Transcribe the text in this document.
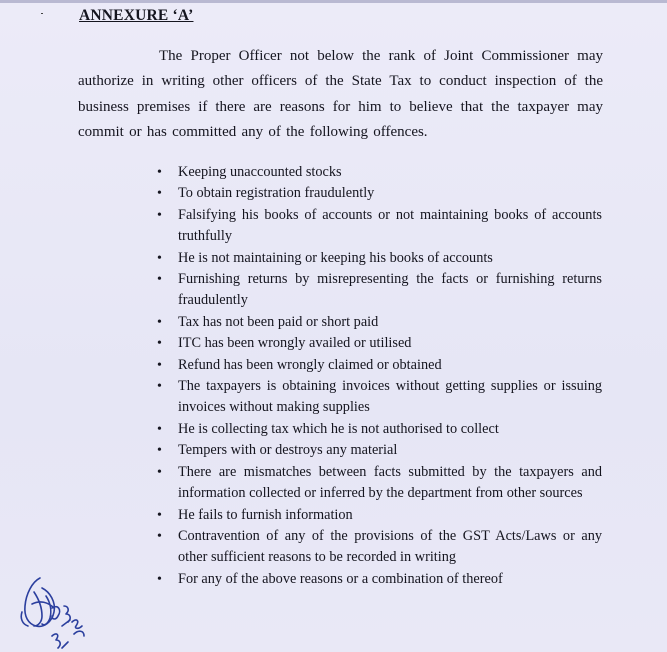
ANNEXURE ‘A’

The Proper Officer not below the rank of Joint Commissioner may authorize in writing other officers of the State Tax to conduct inspection of the business premises if there are reasons for him to believe that the taxpayer may commit or has committed any of the following offences.

• Keeping unaccounted stocks
• To obtain registration fraudulently
• Falsifying his books of accounts or not maintaining books of accounts truthfully
• He is not maintaining or keeping his books of accounts
• Furnishing returns by misrepresenting the facts or furnishing returns fraudulently
• Tax has not been paid or short paid
• ITC has been wrongly availed or utilised
• Refund has been wrongly claimed or obtained
• The taxpayers is obtaining invoices without getting supplies or issuing invoices without making supplies
• He is collecting tax which he is not authorised to collect
• Tempers with or destroys any material
• There are mismatches between facts submitted by the taxpayers and information collected or inferred by the department from other sources
• He fails to furnish information
• Contravention of any of the provisions of the GST Acts/Laws or any other sufficient reasons to be recorded in writing
• For any of the above reasons or a combination of thereof
